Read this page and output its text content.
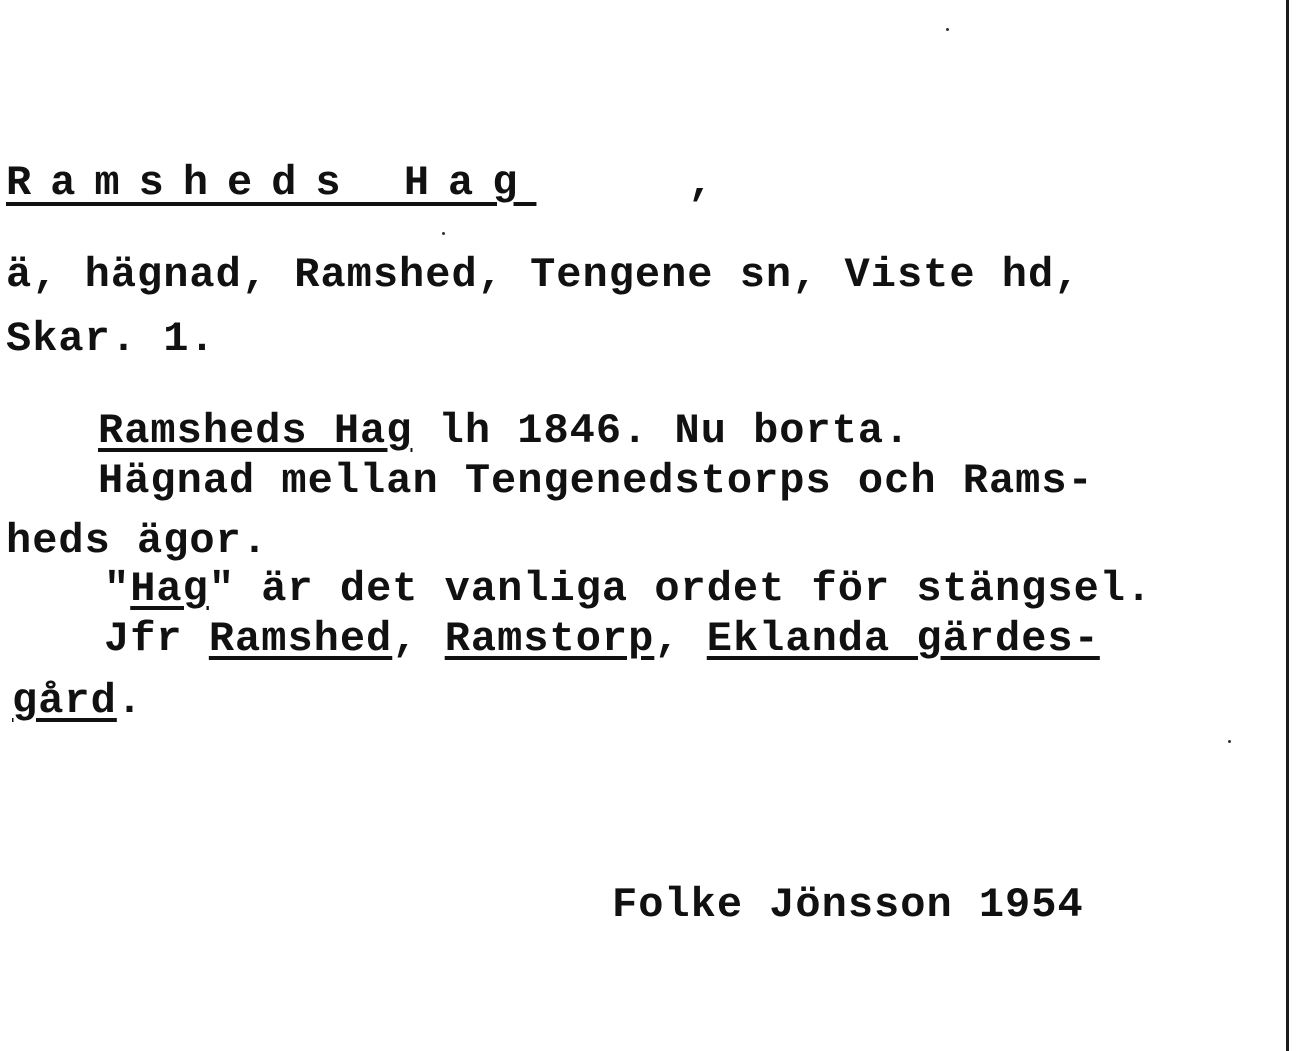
Ramsheds Hag	,
ä, hägnad, Ramshed, Tengene sn, Viste hd,
Skar. 1.
Ramsheds Hag lh 1846. Nu borta.
Hägnad mellan Tengenedstorps och Rams-
heds ägor.
"Hag" är det vanliga ordet för stängsel.
Jfr Ramshed, Ramstorp, Eklanda gärdes-
gård.
Folke Jönsson 1954
